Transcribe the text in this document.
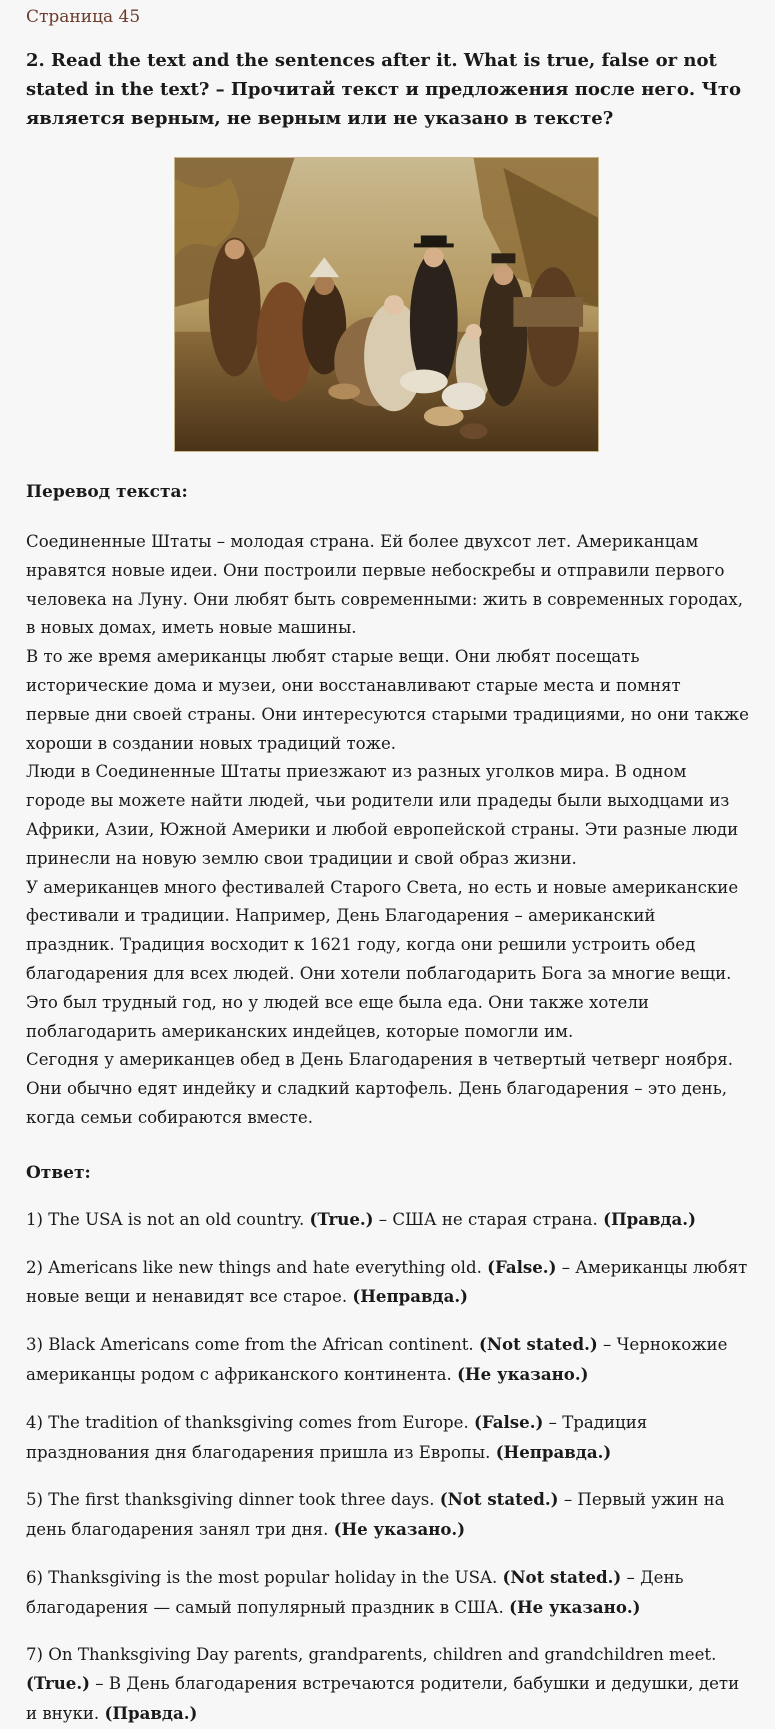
Страница 45

2. Read the text and the sentences after it. What is true, false or not stated in the text? – Прочитай текст и предложения после него. Что является верным, не верным или не указано в тексте?

Перевод текста:

Соединенные Штаты – молодая страна. Ей более двухсот лет. Американцам нравятся новые идеи. Они построили первые небоскребы и отправили первого человека на Луну. Они любят быть современными: жить в современных городах, в новых домах, иметь новые машины.

В то же время американцы любят старые вещи. Они любят посещать исторические дома и музеи, они восстанавливают старые места и помнят первые дни своей страны. Они интересуются старыми традициями, но они также хороши в создании новых традиций тоже.

Люди в Соединенные Штаты приезжают из разных уголков мира. В одном городе вы можете найти людей, чьи родители или прадеды были выходцами из Африки, Азии, Южной Америки и любой европейской страны. Эти разные люди принесли на новую землю свои традиции и свой образ жизни.

У американцев много фестивалей Старого Света, но есть и новые американские фестивали и традиции. Например, День Благодарения – американский праздник. Традиция восходит к 1621 году, когда они решили устроить обед благодарения для всех людей. Они хотели поблагодарить Бога за многие вещи.

Это был трудный год, но у людей все еще была еда. Они также хотели поблагодарить американских индейцев, которые помогли им.

Сегодня у американцев обед в День Благодарения в четвертый четверг ноября. Они обычно едят индейку и сладкий картофель. День благодарения – это день, когда семьи собираются вместе.

Ответ:

1) The USA is not an old country. (True.) – США не старая страна. (Правда.)

2) Americans like new things and hate everything old. (False.) – Американцы любят новые вещи и ненавидят все старое. (Неправда.)

3) Black Americans come from the African continent. (Not stated.) – Чернокожие американцы родом с африканского континента. (Не указано.)

4) The tradition of thanksgiving comes from Europe. (False.) – Традиция празднования дня благодарения пришла из Европы. (Неправда.)

5) The first thanksgiving dinner took three days. (Not stated.) – Первый ужин на день благодарения занял три дня. (Не указано.)

6) Thanksgiving is the most popular holiday in the USA. (Not stated.) – День благодарения — самый популярный праздник в США. (Не указано.)

7) On Thanksgiving Day parents, grandparents, children and grandchildren meet. (True.) – В День благодарения встречаются родители, бабушки и дедушки, дети и внуки. (Правда.)
